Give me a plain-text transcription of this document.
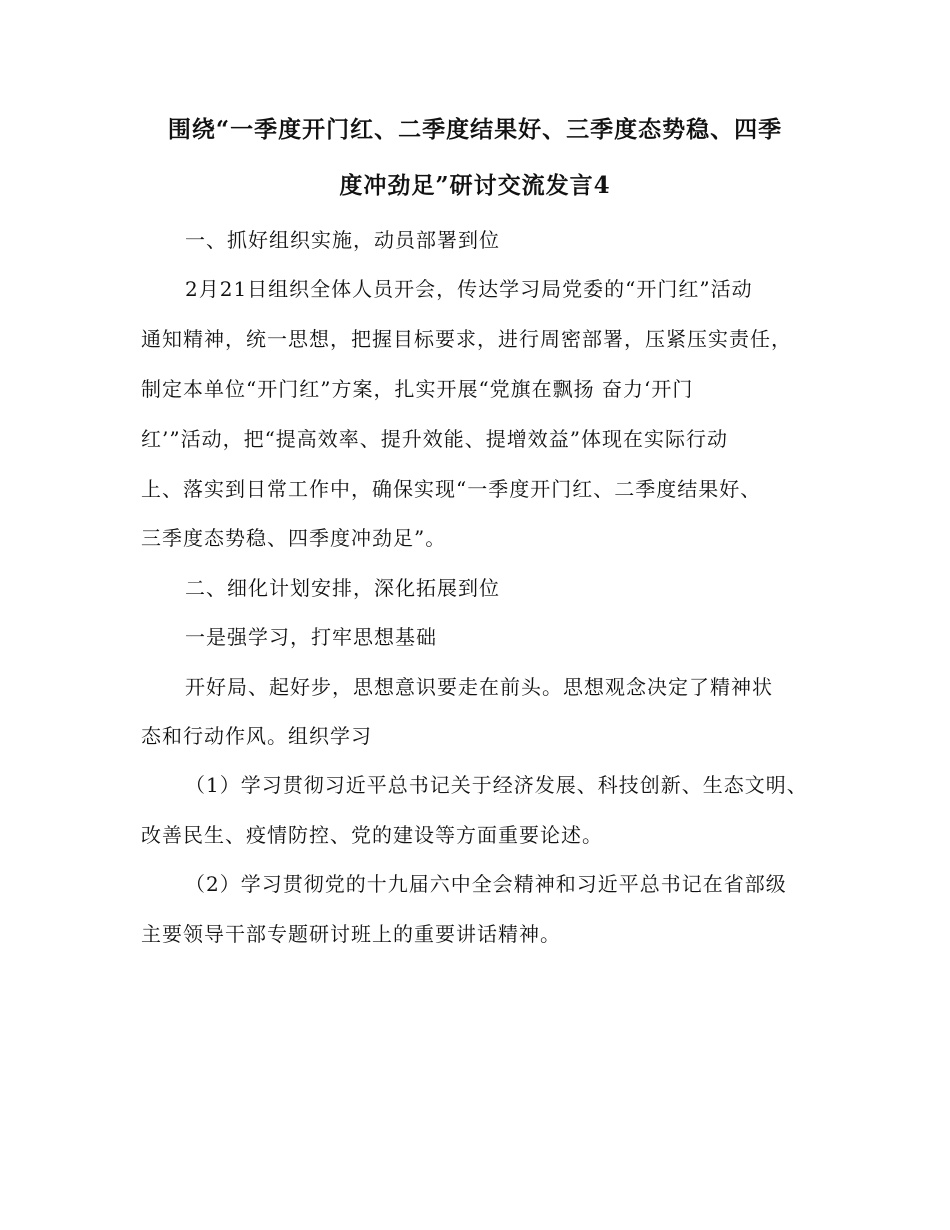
围绕“一季度开门红、二季度结果好、三季度态势稳、四季
度冲劲足”研讨交流发言4

一、抓好组织实施，动员部署到位

2月21日组织全体人员开会，传达学习局党委的“开门红”活动

通知精神，统一思想，把握目标要求，进行周密部署，压紧压实责任，

制定本单位“开门红”方案，扎实开展“党旗在飘扬 奋力‘开门

红’”活动，把“提高效率、提升效能、提增效益”体现在实际行动

上、落实到日常工作中，确保实现“一季度开门红、二季度结果好、

三季度态势稳、四季度冲劲足”。

二、细化计划安排，深化拓展到位

一是强学习，打牢思想基础

开好局、起好步，思想意识要走在前头。思想观念决定了精神状

态和行动作风。组织学习

（1）学习贯彻习近平总书记关于经济发展、科技创新、生态文明、

改善民生、疫情防控、党的建设等方面重要论述。

（2）学习贯彻党的十九届六中全会精神和习近平总书记在省部级

主要领导干部专题研讨班上的重要讲话精神。
